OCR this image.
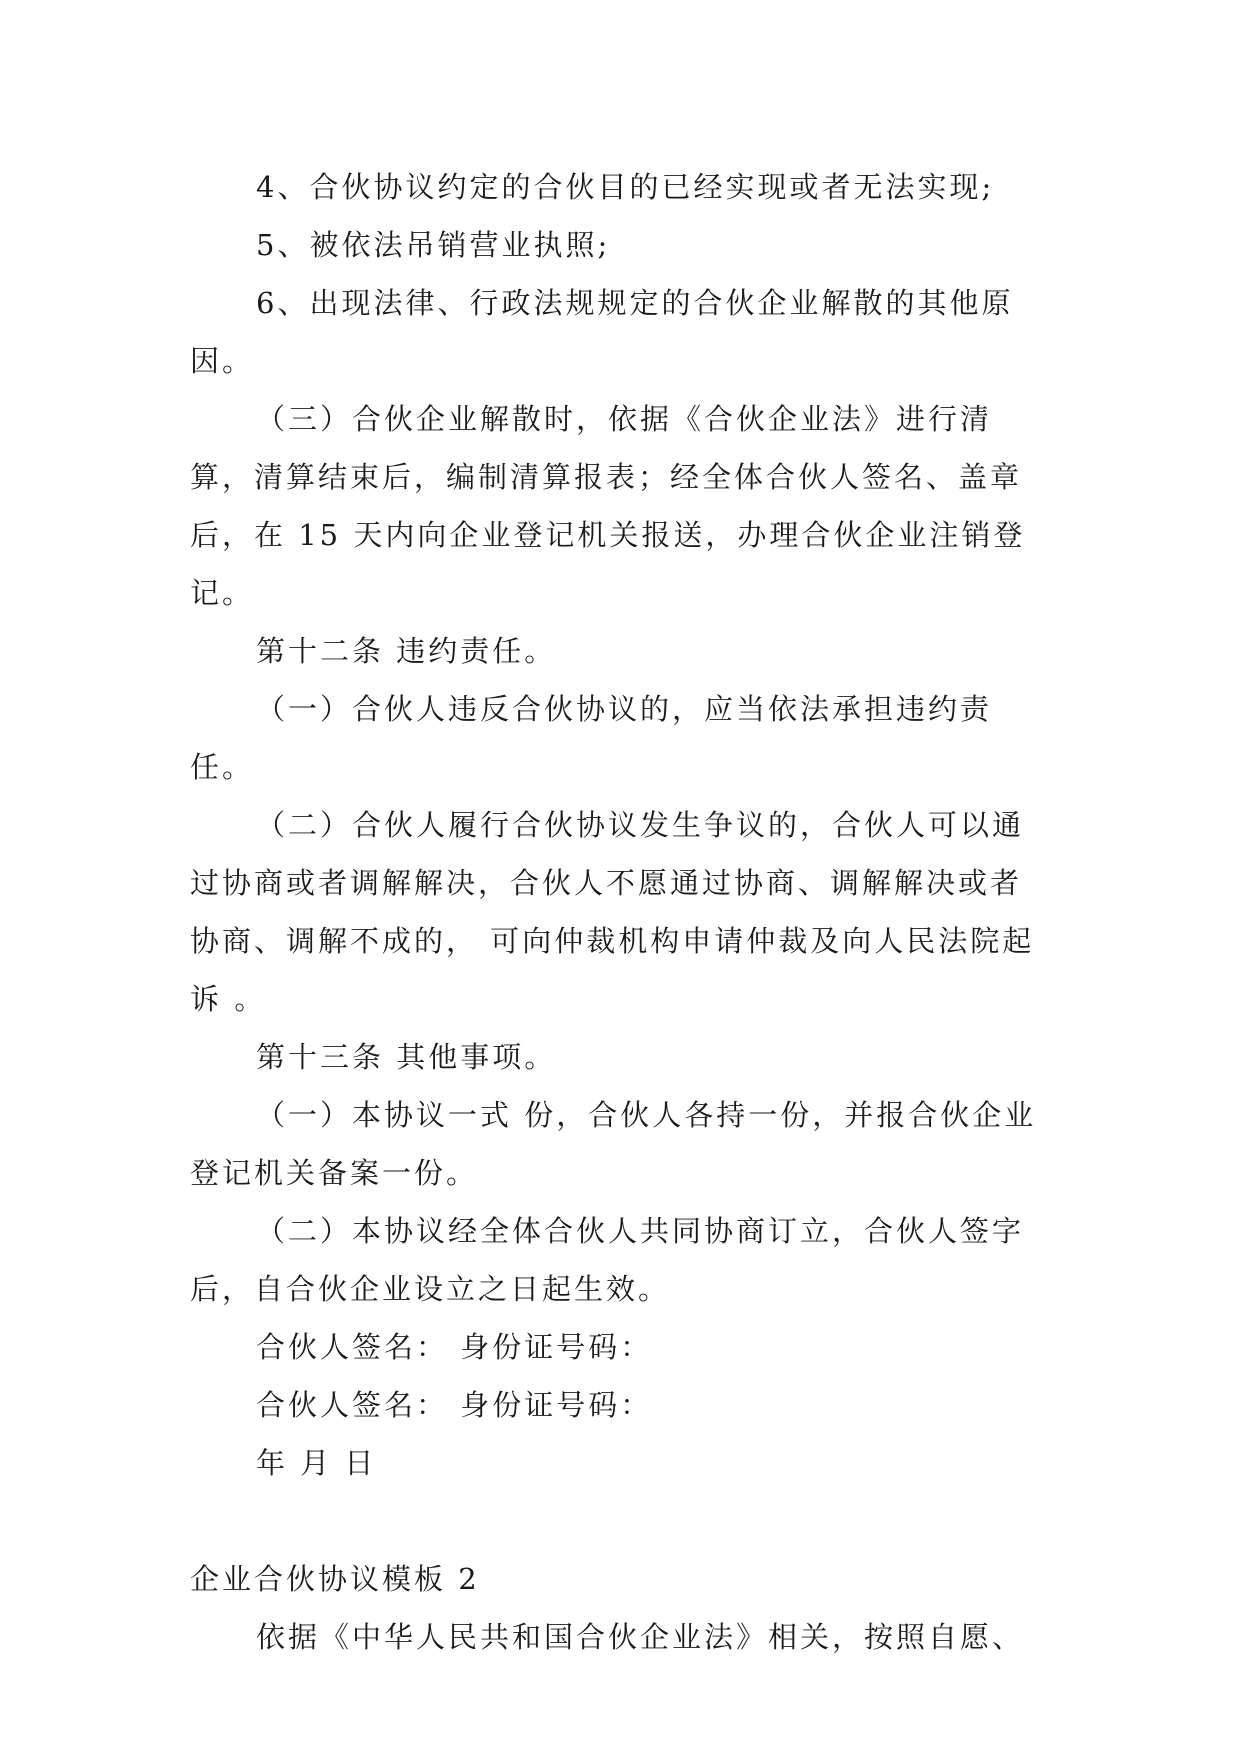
4、合伙协议约定的合伙目的已经实现或者无法实现;

5、被依法吊销营业执照;

6、出现法律、行政法规规定的合伙企业解散的其他原因。

（三）合伙企业解散时，依据《合伙企业法》进行清算，清算结束后，编制清算报表；经全体合伙人签名、盖章后，在 15 天内向企业登记机关报送，办理合伙企业注销登记。

第十二条 违约责任。

（一）合伙人违反合伙协议的，应当依法承担违约责任。

（二）合伙人履行合伙协议发生争议的，合伙人可以通过协商或者调解解决，合伙人不愿通过协商、调解解决或者协商、调解不成的， 可向仲裁机构申请仲裁及向人民法院起诉 。

第十三条 其他事项。

（一）本协议一式 份，合伙人各持一份，并报合伙企业登记机关备案一份。

（二）本协议经全体合伙人共同协商订立，合伙人签字后，自合伙企业设立之日起生效。

合伙人签名： 身份证号码：

合伙人签名： 身份证号码：

年 月 日

企业合伙协议模板 2

依据《中华人民共和国合伙企业法》相关，按照自愿、
